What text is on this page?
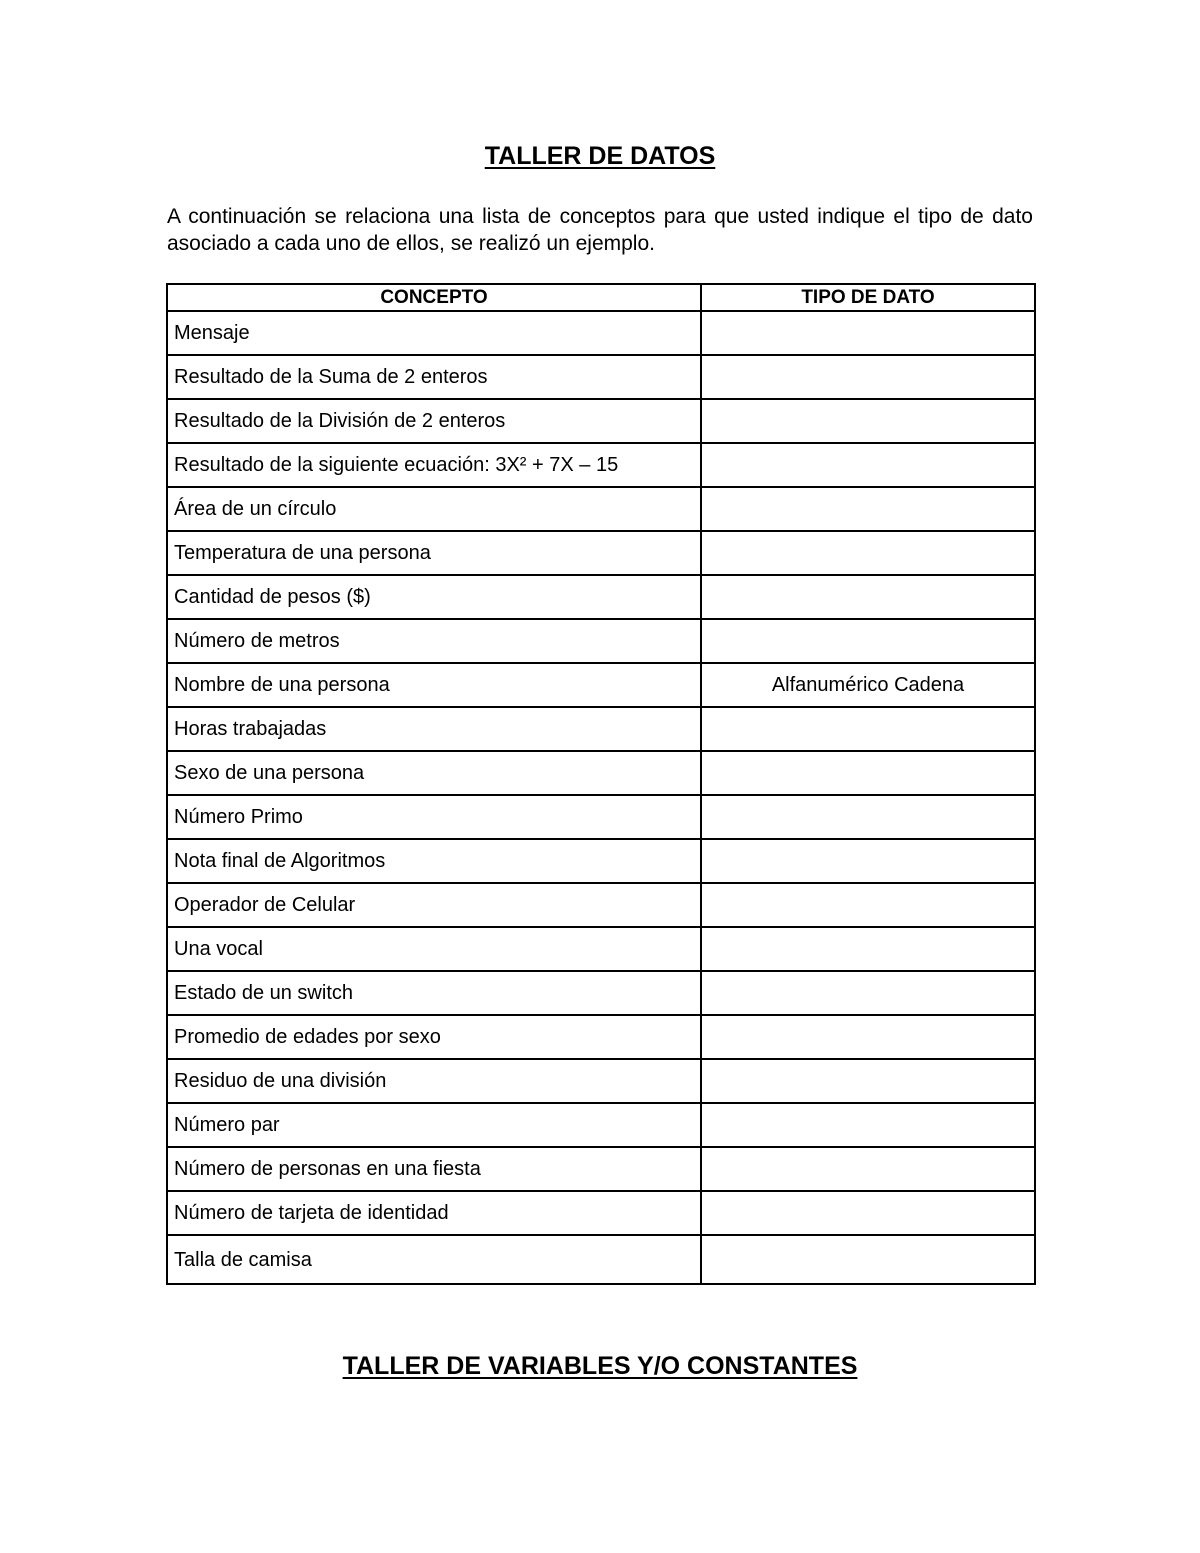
TALLER DE DATOS
A continuación se relaciona una lista de conceptos para que usted indique el tipo de dato asociado a cada uno de ellos, se realizó un ejemplo.
CONCEPTO	TIPO DE DATO
Mensaje	
Resultado de la Suma de 2 enteros	
Resultado de la División de 2 enteros	
Resultado de la siguiente ecuación: 3X² + 7X – 15	
Área de un círculo	
Temperatura de una persona	
Cantidad de pesos ($)	
Número de metros	
Nombre de una persona	Alfanumérico Cadena
Horas trabajadas	
Sexo de una persona	
Número Primo	
Nota final de Algoritmos	
Operador de Celular	
Una vocal	
Estado de un switch	
Promedio de edades por sexo	
Residuo de una división	
Número par	
Número de personas en una fiesta	
Número de tarjeta de identidad	
Talla de camisa	
TALLER DE VARIABLES Y/O CONSTANTES
